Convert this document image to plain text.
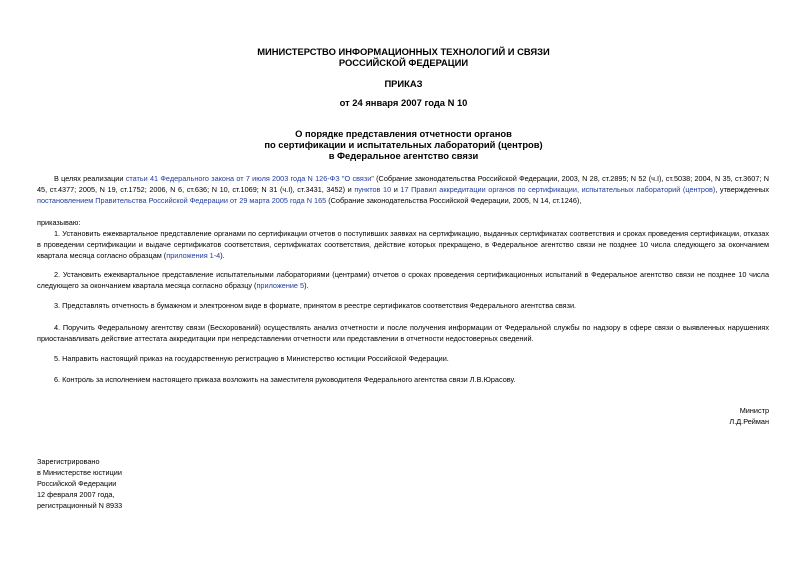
МИНИСТЕРСТВО ИНФОРМАЦИОННЫХ ТЕХНОЛОГИЙ И СВЯЗИ
РОССИЙСКОЙ ФЕДЕРАЦИИ
ПРИКАЗ
от 24 января 2007 года N 10
О порядке представления отчетности органов
по сертификации и испытательных лабораторий (центров)
в Федеральное агентство связи
В целях реализации статьи 41 Федерального закона от 7 июля 2003 года N 126-ФЗ "О связи" (Собрание законодательства Российской Федерации, 2003, N 28, ст.2895; N 52 (ч.I), ст.5038; 2004, N 35, ст.3607; N 45, ст.4377; 2005, N 19, ст.1752; 2006, N 6, ст.636; N 10, ст.1069; N 31 (ч.I), ст.3431, 3452) и пунктов 10 и 17 Правил аккредитации органов по сертификации, испытательных лабораторий (центров), утвержденных постановлением Правительства Российской Федерации от 29 марта 2005 года N 165 (Собрание законодательства Российской Федерации, 2005, N 14, ст.1246),
приказываю:
1. Установить ежеквартальное представление органами по сертификации отчетов о поступивших заявках на сертификацию, выданных сертификатах соответствия и сроках проведения сертификации, отказах в проведении сертификации и выдаче сертификатов соответствия, сертификатах соответствия, действие которых прекращено, в Федеральное агентство связи не позднее 10 числа следующего за окончанием квартала месяца согласно образцам (приложения 1-4).
2. Установить ежеквартальное представление испытательными лабораториями (центрами) отчетов о сроках проведения сертификационных испытаний в Федеральное агентство связи не позднее 10 числа следующего за окончанием квартала месяца согласно образцу (приложение 5).
3. Представлять отчетность в бумажном и электронном виде в формате, принятом в реестре сертификатов соответствия Федерального агентства связи.
4. Поручить Федеральному агентству связи (Бесхорований) осуществлять анализ отчетности и после получения информации от Федеральной службы по надзору в сфере связи о выявленных нарушениях приостанавливать действие аттестата аккредитации при непредставлении отчетности или представлении в отчетности недостоверных сведений.
5. Направить настоящий приказ на государственную регистрацию в Министерство юстиции Российской Федерации.
6. Контроль за исполнением настоящего приказа возложить на заместителя руководителя Федерального агентства связи Л.В.Юрасову.
Министр
Л.Д.Рейман
Зарегистрировано
в Министерстве юстиции
Российской Федерации
12 февраля 2007 года,
регистрационный N 8933
